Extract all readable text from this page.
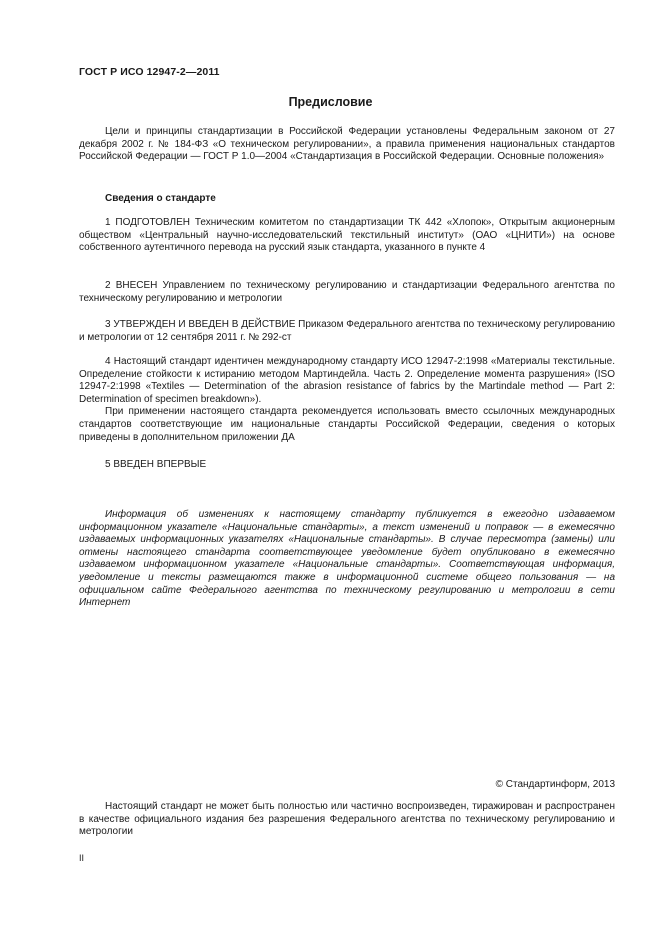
ГОСТ Р ИСО 12947-2—2011
Предисловие

Цели и принципы стандартизации в Российской Федерации установлены Федеральным законом от 27 декабря 2002 г. № 184-ФЗ «О техническом регулировании», а правила применения национальных стандартов Российской Федерации — ГОСТ Р 1.0—2004 «Стандартизация в Российской Федерации. Основные положения»

Сведения о стандарте

1 ПОДГОТОВЛЕН Техническим комитетом по стандартизации ТК 442 «Хлопок», Открытым акционерным обществом «Центральный научно-исследовательский текстильный институт» (ОАО «ЦНИТИ») на основе собственного аутентичного перевода на русский язык стандарта, указанного в пункте 4

2 ВНЕСЕН Управлением по техническому регулированию и стандартизации Федерального агентства по техническому регулированию и метрологии

3 УТВЕРЖДЕН И ВВЕДЕН В ДЕЙСТВИЕ Приказом Федерального агентства по техническому регулированию и метрологии от 12 сентября 2011 г. № 292-ст

4 Настоящий стандарт идентичен международному стандарту ИСО 12947-2:1998 «Материалы текстильные. Определение стойкости к истиранию методом Мартиндейла. Часть 2. Определение момента разрушения» (ISO 12947-2:1998 «Textiles — Determination of the abrasion resistance of fabrics by the Martindale method — Part 2: Determination of specimen breakdown»).

При применении настоящего стандарта рекомендуется использовать вместо ссылочных международных стандартов соответствующие им национальные стандарты Российской Федерации, сведения о которых приведены в дополнительном приложении ДА

5 ВВЕДЕН ВПЕРВЫЕ

Информация об изменениях к настоящему стандарту публикуется в ежегодно издаваемом информационном указателе «Национальные стандарты», а текст изменений и поправок — в ежемесячно издаваемых информационных указателях «Национальные стандарты». В случае пересмотра (замены) или отмены настоящего стандарта соответствующее уведомление будет опубликовано в ежемесячно издаваемом информационном указателе «Национальные стандарты». Соответствующая информация, уведомление и тексты размещаются также в информационной системе общего пользования — на официальном сайте Федерального агентства по техническому регулированию и метрологии в сети Интернет

© Стандартинформ, 2013

Настоящий стандарт не может быть полностью или частично воспроизведен, тиражирован и распространен в качестве официального издания без разрешения Федерального агентства по техническому регулированию и метрологии

II
